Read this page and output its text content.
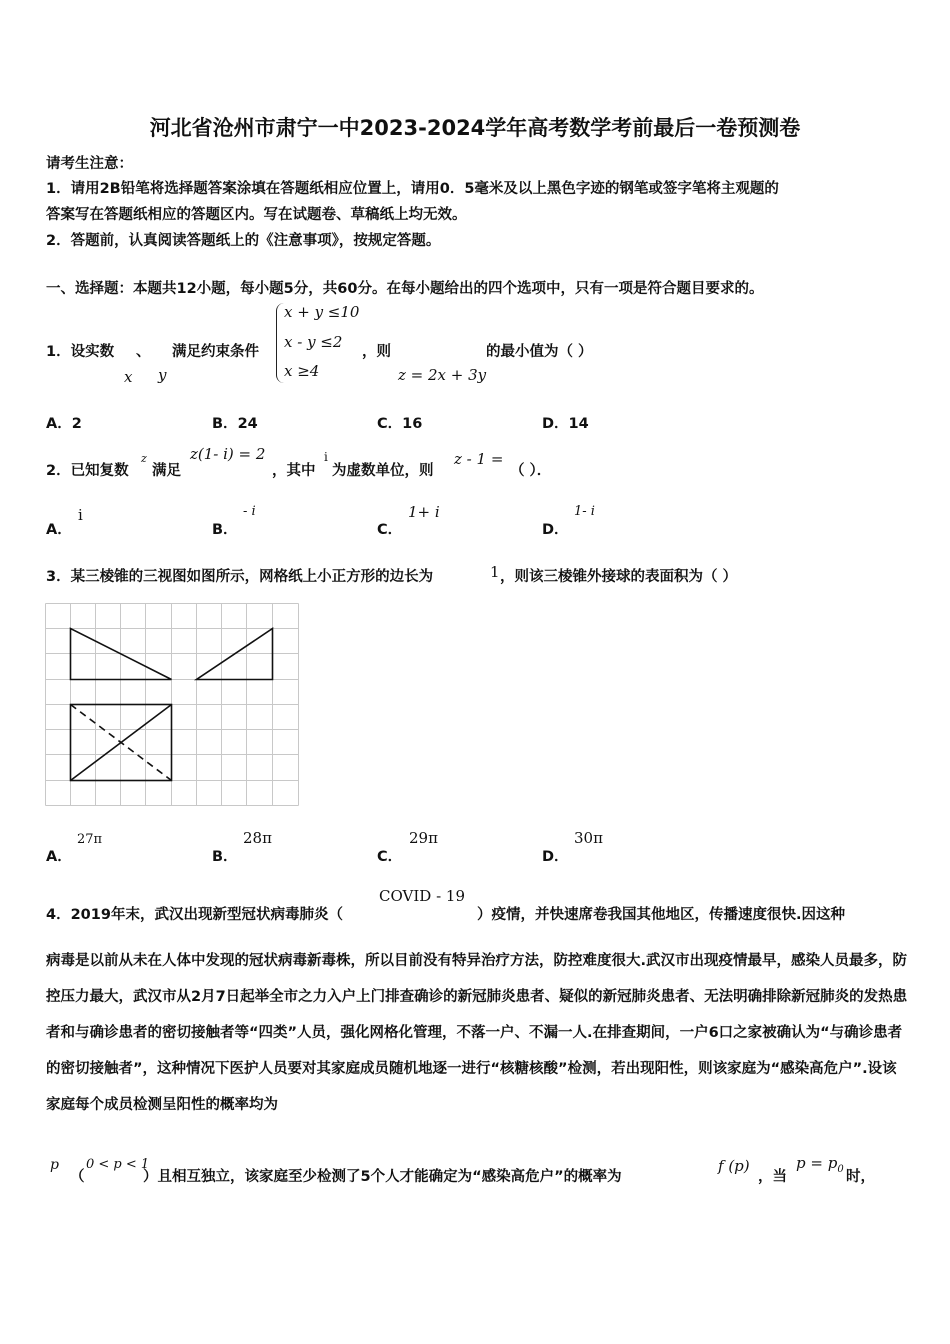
河北省沧州市肃宁一中2023-2024学年高考数学考前最后一卷预测卷
请考生注意：
1．请用2B铅笔将选择题答案涂填在答题纸相应位置上，请用0．5毫米及以上黑色字迹的钢笔或签字笔将主观题的
答案写在答题纸相应的答题区内。写在试题卷、草稿纸上均无效。
2．答题前，认真阅读答题纸上的《注意事项》，按规定答题。
一、选择题：本题共12小题，每小题5分，共60分。在每小题给出的四个选项中，只有一项是符合题目要求的。
1．设实数 、 满足约束条件
x y
x + y ≤10
x - y ≤2
x ≥4
，则
z = 2x + 3y
的最小值为（ ）
A．2	B．24	C．16	D．14
2．已知复数
z
满足
z(1- i) = 2
，其中
i
为虚数单位，则
z - 1 =
（ ）．
A．
i
B．
- i
C．
1+ i
D．
1- i
3．某三棱锥的三视图如图所示，网格纸上小正方形的边长为	1 ，则该三棱锥外接球的表面积为（ ）
A．
27π
B．
28π
C．
29π
D．
30π
4．2019年末，武汉出现新型冠状病毒肺炎（
COVID - 19
）疫情，并快速席卷我国其他地区，传播速度很快.因这种
病毒是以前从未在人体中发现的冠状病毒新毒株，所以目前没有特异治疗方法，防控难度很大.武汉市出现疫情最早，感染人员最多，防控压力最大，武汉市从2月7日起举全市之力入户上门排查确诊的新冠肺炎患者、疑似的新冠肺炎患者、无法明确排除新冠肺炎的发热患者和与确诊患者的密切接触者等“四类”人员，强化网格化管理，不落一户、不漏一人.在排查期间，一户6口之家被确认为“与确诊患者的密切接触者”，这种情况下医护人员要对其家庭成员随机地逐一进行“核糖核酸”检测，若出现阳性，则该家庭为“感染高危户”.设该家庭每个成员检测呈阳性的概率均为
p
（
0 < p < 1
）且相互独立，该家庭至少检测了5个人才能确定为“感染高危户”的概率为
f (p)
，当
$p = p_0$ 时，
